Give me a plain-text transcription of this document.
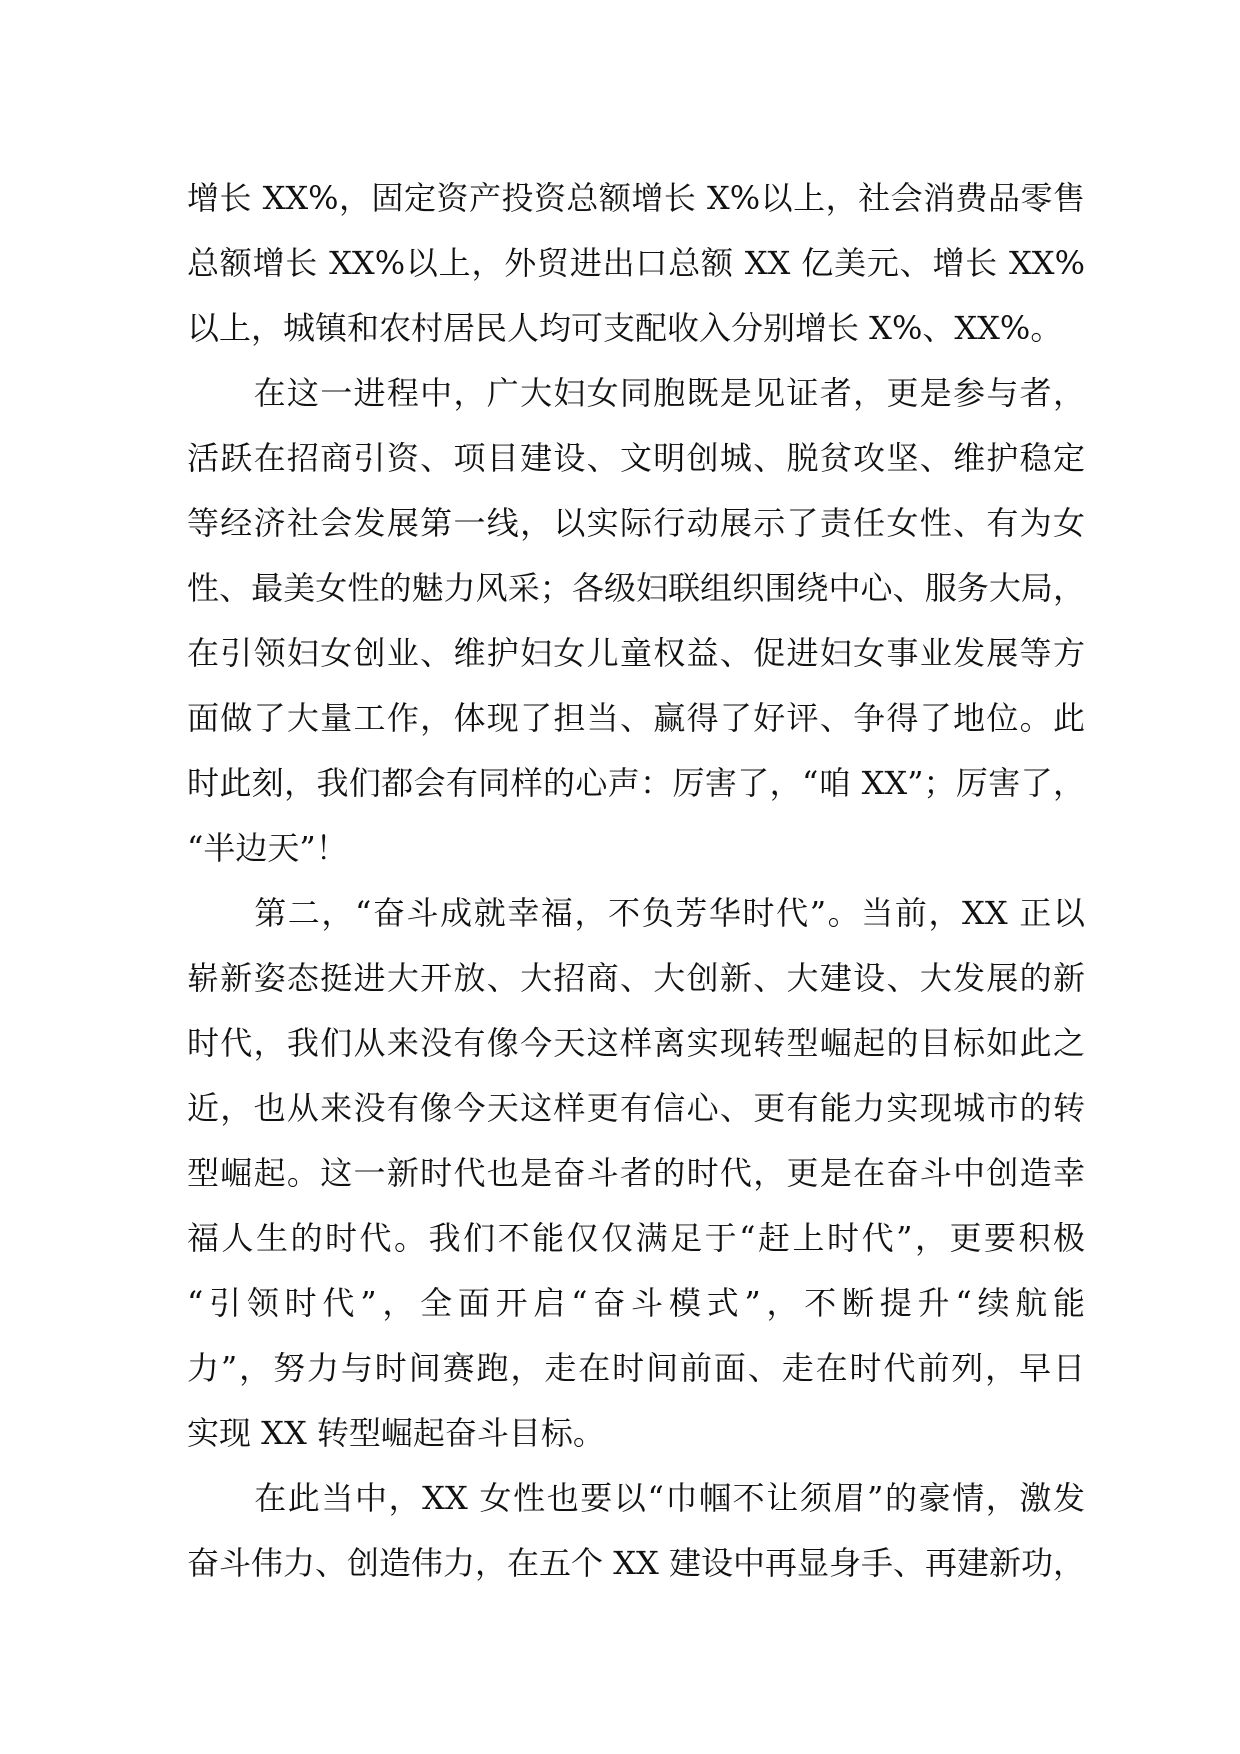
增长 XX%，固定资产投资总额增长 X%以上，社会消费品零售
总额增长 XX%以上，外贸进出口总额 XX 亿美元、增长 XX%
以上，城镇和农村居民人均可支配收入分别增长 X%、XX%。
　　在这一进程中，广大妇女同胞既是见证者，更是参与者，
活跃在招商引资、项目建设、文明创城、脱贫攻坚、维护稳定
等经济社会发展第一线，以实际行动展示了责任女性、有为女
性、最美女性的魅力风采；各级妇联组织围绕中心、服务大局，
在引领妇女创业、维护妇女儿童权益、促进妇女事业发展等方
面做了大量工作，体现了担当、赢得了好评、争得了地位。此
时此刻，我们都会有同样的心声：厉害了，“咱 XX”；厉害了，
“半边天”！
　　第二，“奋斗成就幸福，不负芳华时代”。当前，XX 正以
崭新姿态挺进大开放、大招商、大创新、大建设、大发展的新
时代，我们从来没有像今天这样离实现转型崛起的目标如此之
近，也从来没有像今天这样更有信心、更有能力实现城市的转
型崛起。这一新时代也是奋斗者的时代，更是在奋斗中创造幸
福人生的时代。我们不能仅仅满足于“赶上时代”，更要积极
“引领时代”，全面开启“奋斗模式”，不断提升“续航能
力”，努力与时间赛跑，走在时间前面、走在时代前列，早日
实现 XX 转型崛起奋斗目标。
　　在此当中，XX 女性也要以“巾帼不让须眉”的豪情，激发
奋斗伟力、创造伟力，在五个 XX 建设中再显身手、再建新功，
